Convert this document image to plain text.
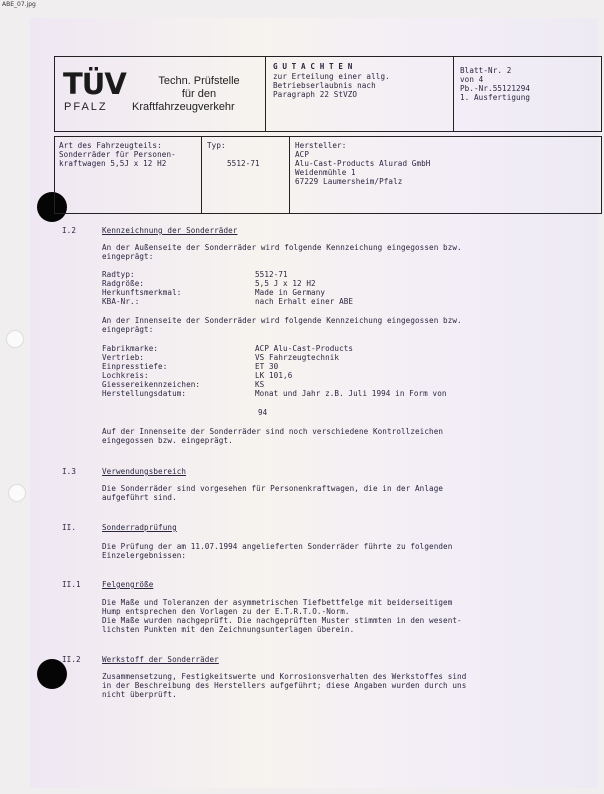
ABE_07.jpg
TÜV
PFALZ
Techn. Prüfstelle
für den
Kraftfahrzeugverkehr
G U T A C H T E N
zur Erteilung einer allg.
Betriebserlaubnis nach
Paragraph 22 StVZO
Blatt-Nr. 2
von 4
Pb.-Nr.55121294
1. Ausfertigung
Art des Fahrzeugteils:
Sonderräder für Personen-
kraftwagen 5,5J x 12 H2
Typ:
5512-71
Hersteller:
ACP
Alu-Cast-Products Alurad GmbH
Weidenmühle 1
67229 Laumersheim/Pfalz
I.2	Kennzeichnung der Sonderräder
An der Außenseite der Sonderräder wird folgende Kennzeichung eingegossen bzw.
eingeprägt:
Radtyp:	5512-71
Radgröße:	5,5 J x 12 H2
Herkunftsmerkmal:	Made in Germany
KBA-Nr.:	nach Erhalt einer ABE
An der Innenseite der Sonderräder wird folgende Kennzeichung eingegossen bzw.
eingeprägt:
Fabrikmarke:	ACP Alu-Cast-Products
Vertrieb:	VS Fahrzeugtechnik
Einpresstiefe:	ET 30
Lochkreis:	LK 101,6
Giessereikennzeichen:	KS
Herstellungsdatum:	Monat und Jahr z.B. Juli 1994 in Form von
94
Auf der Innenseite der Sonderräder sind noch verschiedene Kontrollzeichen
eingegossen bzw. eingeprägt.
I.3	Verwendungsbereich
Die Sonderräder sind vorgesehen für Personenkraftwagen, die in der Anlage
aufgeführt sind.
II.	Sonderradprüfung
Die Prüfung der am 11.07.1994 angelieferten Sonderräder führte zu folgenden
Einzelergebnissen:
II.1	Felgengröße
Die Maße und Toleranzen der asymmetrischen Tiefbettfelge mit beiderseitigem
Hump entsprechen den Vorlagen zu der E.T.R.T.O.-Norm.
Die Maße wurden nachgeprüft. Die nachgeprüften Muster stimmten in den wesent-
lichsten Punkten mit den Zeichnungsunterlagen überein.
II.2	Werkstoff der Sonderräder
Zusammensetzung, Festigkeitswerte und Korrosionsverhalten des Werkstoffes sind
in der Beschreibung des Herstellers aufgeführt; diese Angaben wurden durch uns
nicht überprüft.
